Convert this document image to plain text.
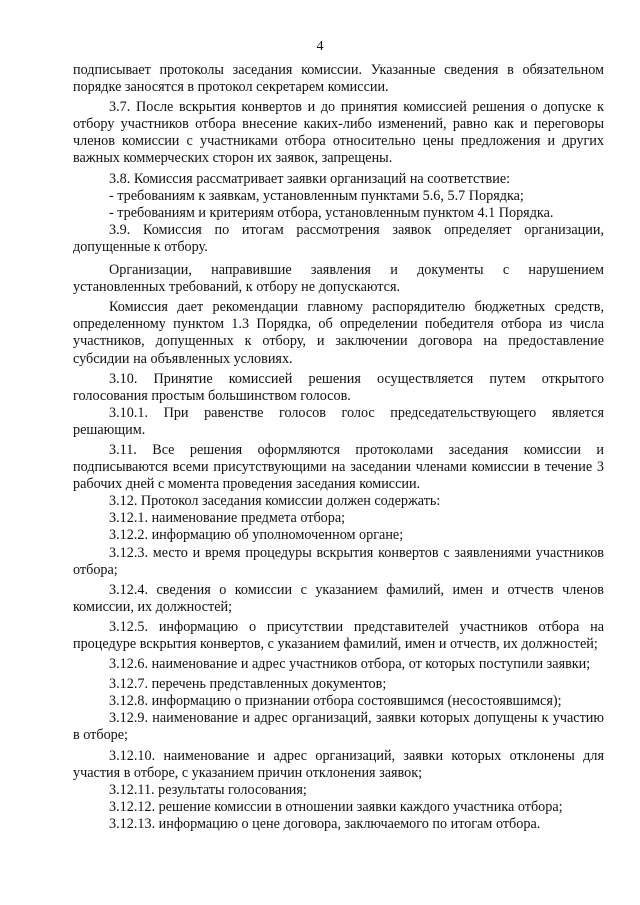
4

подписывает протоколы заседания комиссии. Указанные сведения в обязательном порядке заносятся в протокол секретарем комиссии.

3.7. После вскрытия конвертов и до принятия комиссией решения о допуске к отбору участников отбора внесение каких-либо изменений, равно как и переговоры членов комиссии с участниками отбора относительно цены предложения и других важных коммерческих сторон их заявок, запрещены.

3.8. Комиссия рассматривает заявки организаций на соответствие:

- требованиям к заявкам, установленным пунктами 5.6, 5.7 Порядка;

- требованиям и критериям отбора, установленным пунктом 4.1 Порядка.

3.9. Комиссия по итогам рассмотрения заявок определяет организации, допущенные к отбору.

Организации, направившие заявления и документы с нарушением установленных требований, к отбору не допускаются.

Комиссия дает рекомендации главному распорядителю бюджетных средств, определенному пунктом 1.3 Порядка, об определении победителя отбора из числа участников, допущенных к отбору, и заключении договора на предоставление субсидии на объявленных условиях.

3.10. Принятие комиссией решения осуществляется путем открытого голосования простым большинством голосов.

3.10.1. При равенстве голосов голос председательствующего является решающим.

3.11. Все решения оформляются протоколами заседания комиссии и подписываются всеми присутствующими на заседании членами комиссии в течение 3 рабочих дней с момента проведения заседания комиссии.

3.12. Протокол заседания комиссии должен содержать:

3.12.1. наименование предмета отбора;

3.12.2. информацию об уполномоченном органе;

3.12.3. место и время процедуры вскрытия конвертов с заявлениями участников отбора;

3.12.4. сведения о комиссии с указанием фамилий, имен и отчеств членов комиссии, их должностей;

3.12.5. информацию о присутствии представителей участников отбора на процедуре вскрытия конвертов, с указанием фамилий, имен и отчеств, их должностей;

3.12.6. наименование и адрес участников отбора, от которых поступили заявки;

3.12.7. перечень представленных документов;

3.12.8. информацию о признании отбора состоявшимся (несостоявшимся);

3.12.9. наименование и адрес организаций, заявки которых допущены к участию в отборе;

3.12.10. наименование и адрес организаций, заявки которых отклонены для участия в отборе, с указанием причин отклонения заявок;

3.12.11. результаты голосования;

3.12.12. решение комиссии в отношении заявки каждого участника отбора;

3.12.13. информацию о цене договора, заключаемого по итогам отбора.
